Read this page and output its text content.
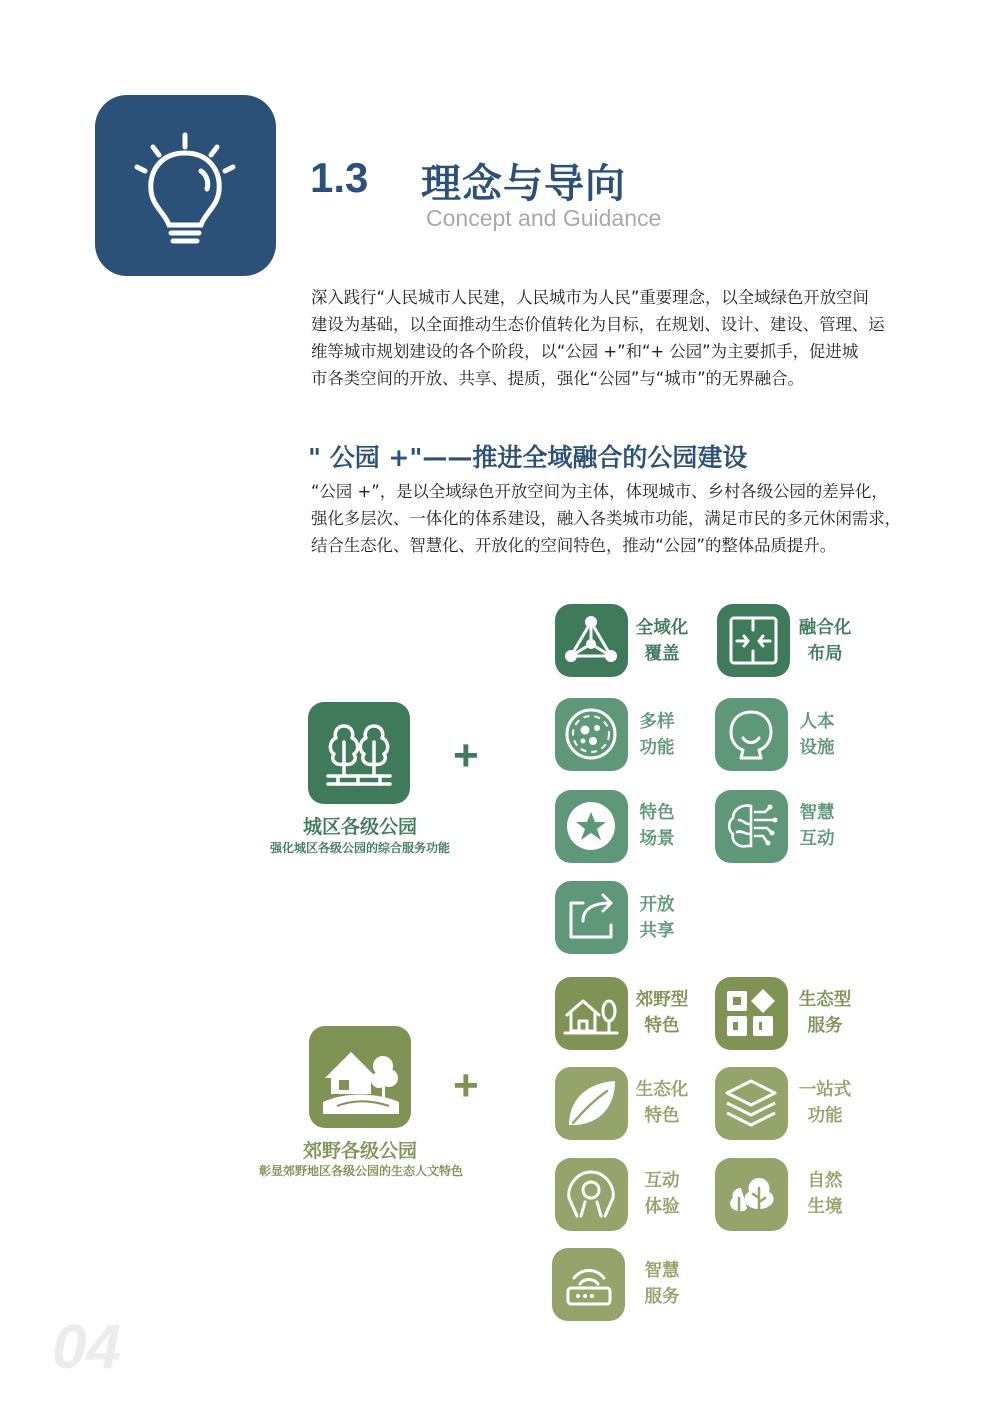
1.3 理念与导向
Concept and Guidance
深入践行“人民城市人民建，人民城市为人民”重要理念，以全域绿色开放空间
建设为基础，以全面推动生态价值转化为目标，在规划、设计、建设、管理、运
维等城市规划建设的各个阶段，以“公园 +”和“+ 公园”为主要抓手，促进城
市各类空间的开放、共享、提质，强化“公园”与“城市”的无界融合。
" 公园 +"——推进全域融合的公园建设
“公园 +”，是以全域绿色开放空间为主体，体现城市、乡村各级公园的差异化，
强化多层次、一体化的体系建设，融入各类城市功能，满足市民的多元休闲需求，
结合生态化、智慧化、开放化的空间特色，推动“公园”的整体品质提升。
+
城区各级公园
强化城区各级公园的综合服务功能
全域化
覆盖
融合化
布局
多样
功能
人本
设施
特色
场景
智慧
互动
开放
共享
+
郊野各级公园
彰显郊野地区各级公园的生态人文特色
郊野型
特色
生态型
服务
生态化
特色
一站式
功能
互动
体验
自然
生境
智慧
服务
04
